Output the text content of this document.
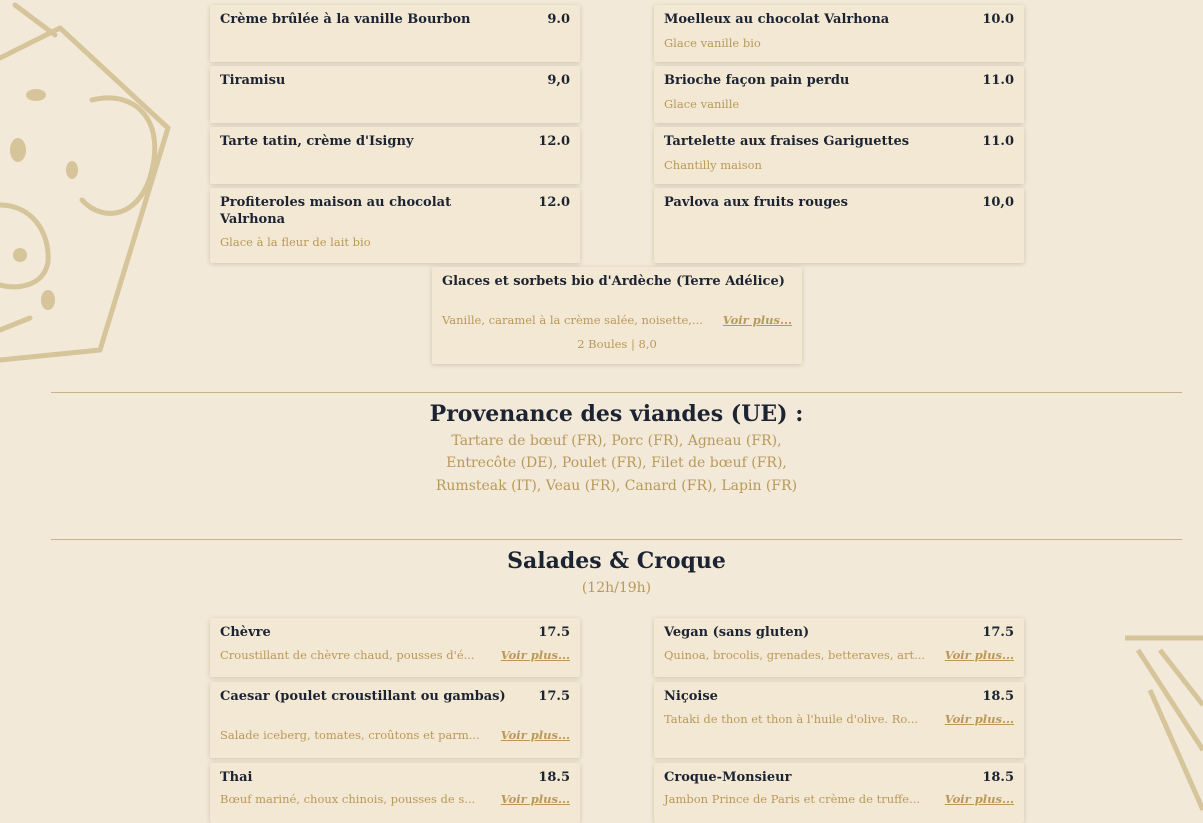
Crème brûlée à la vanille Bourbon	9.0	Moelleux au chocolat Valrhona	10.0
Glace vanille bio
Tiramisu	9,0	Brioche façon pain perdu	11.0
Glace vanille
Tarte tatin, crème d'Isigny	12.0	Tartelette aux fraises Gariguettes	11.0
Chantilly maison
Profiteroles maison au chocolat Valrhona
12.0
Glace à la fleur de lait bio
Pavlova aux fruits rouges	10,0
Glaces et sorbets bio d'Ardèche (Terre Adélice)
Vanille, caramel à la crème salée, noisette,... Voir plus...
2 Boules | 8,0
Provenance des viandes (UE) :
Tartare de bœuf (FR), Porc (FR), Agneau (FR),
Entrecôte (DE), Poulet (FR), Filet de bœuf (FR),
Rumsteak (IT), Veau (FR), Canard (FR), Lapin (FR)
Salades & Croque
(12h/19h)
Chèvre	17.5
Croustillant de chèvre chaud, pousses d'é... Voir plus...
Vegan (sans gluten)	17.5
Quinoa, brocolis, grenades, betteraves, art... Voir plus...
Caesar (poulet croustillant ou gambas)	17.5
Salade iceberg, tomates, croûtons et parm... Voir plus...
Niçoise	18.5
Tataki de thon et thon à l'huile d'olive. Ro... Voir plus...
Thai	18.5
Bœuf mariné, choux chinois, pousses de s... Voir plus...
Croque-Monsieur	18.5
Jambon Prince de Paris et crème de truffe... Voir plus...
